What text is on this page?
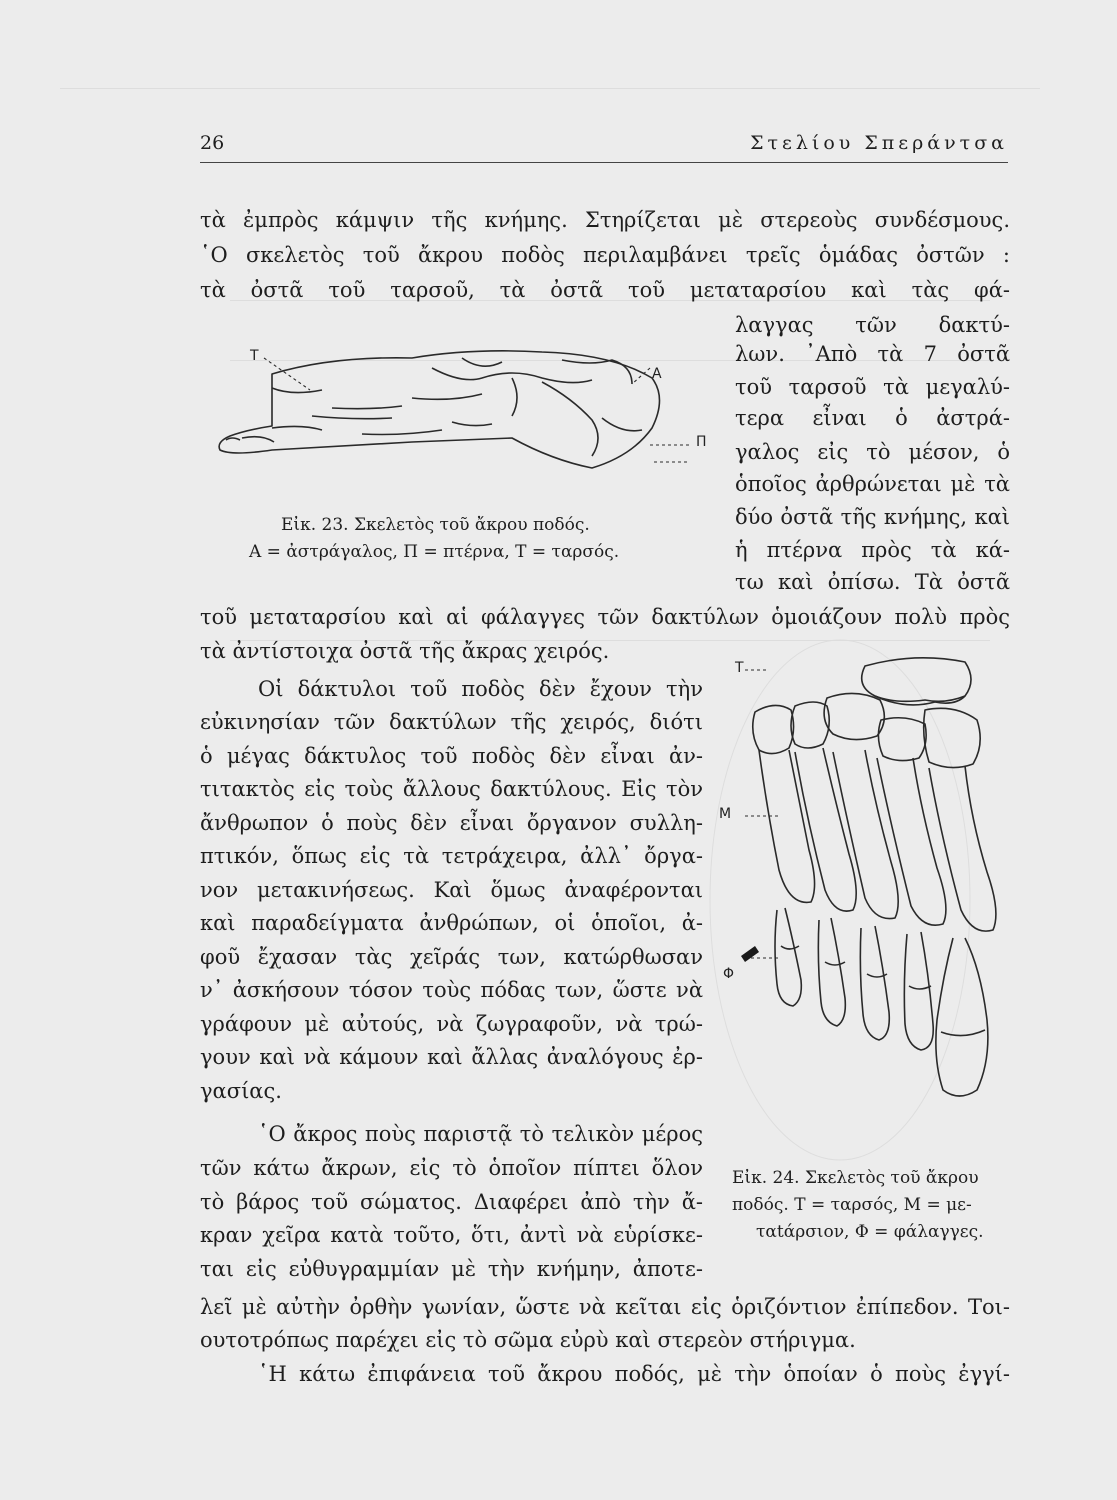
26	Στελίου Σπεράντσα
τὰ ἐμπρὸς κάμψιν τῆς κνήμης. Στηρίζεται μὲ στερεοὺς συνδέσμους.
῾Ο σκελετὸς τοῦ ἄκρου ποδὸς περιλαμβάνει τρεῖς ὁμάδας ὀστῶν :
τὰ ὀστᾶ τοῦ ταρσοῦ, τὰ ὀστᾶ τοῦ μεταταρσίου καὶ τὰς φά-
λαγγας τῶν δακτύ-
λων. ᾿Απὸ τὰ 7 ὀστᾶ
τοῦ ταρσοῦ τὰ μεγαλύ-
τερα εἶναι ὁ ἀστρά-
γαλος εἰς τὸ μέσον, ὁ
ὁποῖος ἀρθρώνεται μὲ τὰ
δύο ὀστᾶ τῆς κνήμης, καὶ
ἡ πτέρνα πρὸς τὰ κά-
τω καὶ ὀπίσω. Τὰ ὀστᾶ
Τ
Α
Π
Εἰκ. 23. Σκελετὸς τοῦ ἄκρου ποδός.
Α = ἀστράγαλος, Π = πτέρνα, Τ = ταρσός.
τοῦ μεταταρσίου καὶ αἱ φάλαγγες τῶν δακτύλων ὁμοιάζουν πολὺ πρὸς
τὰ ἀντίστοιχα ὀστᾶ τῆς ἄκρας χειρός.
Οἱ δάκτυλοι τοῦ ποδὸς δὲν ἔχουν τὴν
εὐκινησίαν τῶν δακτύλων τῆς χειρός, διότι
ὁ μέγας δάκτυλος τοῦ ποδὸς δὲν εἶναι ἀν-
τιτακτὸς εἰς τοὺς ἄλλους δακτύλους. Εἰς τὸν
ἄνθρωπον ὁ ποὺς δὲν εἶναι ὄργανον συλλη-
πτικόν, ὅπως εἰς τὰ τετράχειρα, ἀλλ᾿ ὄργα-
νον μετακινήσεως. Καὶ ὅμως ἀναφέρονται
καὶ παραδείγματα ἀνθρώπων, οἱ ὁποῖοι, ἀ-
φοῦ ἔχασαν τὰς χεῖράς των, κατώρθωσαν
ν᾿ ἀσκήσουν τόσον τοὺς πόδας των, ὥστε νὰ
γράφουν μὲ αὐτούς, νὰ ζωγραφοῦν, νὰ τρώ-
γουν καὶ νὰ κάμουν καὶ ἄλλας ἀναλόγους ἐρ-
γασίας.
῾Ο ἄκρος ποὺς παριστᾷ τὸ τελικὸν μέρος
τῶν κάτω ἄκρων, εἰς τὸ ὁποῖον πίπτει ὅλον
τὸ βάρος τοῦ σώματος. Διαφέρει ἀπὸ τὴν ἄ-
κραν χεῖρα κατὰ τοῦτο, ὅτι, ἀντὶ νὰ εὑρίσκε-
ται εἰς εὐθυγραμμίαν μὲ τὴν κνήμην, ἀποτε-
Τ
Μ
Φ
Εἰκ. 24. Σκελετὸς τοῦ ἄκρου
ποδός. Τ = ταρσός, Μ = με-
ταtάρσιον, Φ = φάλαγγες.
λεῖ μὲ αὐτὴν ὀρθὴν γωνίαν, ὥστε νὰ κεῖται εἰς ὁριζόντιον ἐπίπεδον. Τοι-
ουτοτρόπως παρέχει εἰς τὸ σῶμα εὐρὺ καὶ στερεὸν στήριγμα.
῾Η κάτω ἐπιφάνεια τοῦ ἄκρου ποδός, μὲ τὴν ὁποίαν ὁ ποὺς ἐγγί-
